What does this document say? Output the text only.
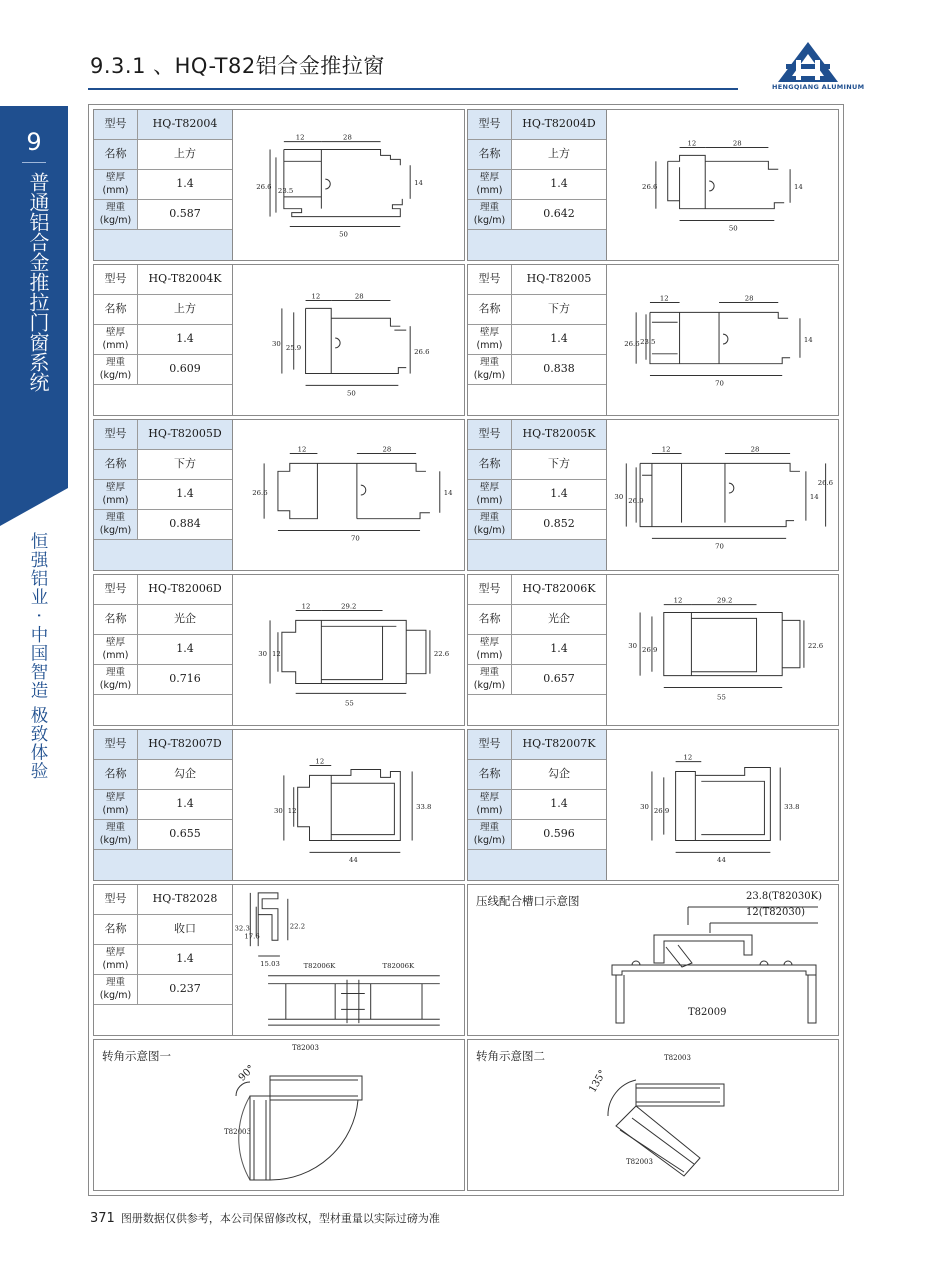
9.3.1 、HQ-T82铝合金推拉窗
HENGQIANG ALUMINUM
9
普通铝合金推拉门窗系统
恒强铝业 · 中国智造 极致体验
型号	HQ-T82004
名称	上方
壁厚
(mm)
1.4
理重
(kg/m)
0.587
12	28
26.6 23.5
14
50
型号	HQ-T82004D
名称	上方
壁厚
(mm)
1.4
理重
(kg/m)
0.642
12	28
26.6	14
50
型号	HQ-T82004K
名称	上方
壁厚
(mm)
1.4
理重
(kg/m)
0.609
12	28
30 25.9	26.6
50
型号	HQ-T82005
名称	下方
壁厚
(mm)
1.4
理重
(kg/m)
0.838
12	28
26.6 23.5	14
70
型号	HQ-T82005D
名称	下方
壁厚
(mm)
1.4
理重
(kg/m)
0.884
12	28
26.6	14
70
型号	HQ-T82005K
名称	下方
壁厚
(mm)
1.4
理重
(kg/m)
0.852
12	28
30 26.9	14
26.6
70
型号	HQ-T82006D
名称	光企
壁厚
(mm)
1.4
理重
(kg/m)
0.716
12	29.2
30 12	22.6
55
型号	HQ-T82006K
名称	光企
壁厚
(mm)
1.4
理重
(kg/m)
0.657
12	29.2
30 26.9	22.6
55
型号	HQ-T82007D
名称	勾企
壁厚
(mm)
1.4
理重
(kg/m)
0.655
12
30 12	33.8
44
型号	HQ-T82007K
名称	勾企
壁厚
(mm)
1.4
理重
(kg/m)
0.596
12
30 26.9	33.8
44
型号	HQ-T82028
名称	收口
壁厚
(mm)
1.4
理重
(kg/m)
0.237
32.3
17.6
22.2
15.03	T82006K	T82006K
压线配合槽口示意图	23.8(T82030K)
12(T82030)
T82009
转角示意图一
90°
T82003
T82003
转角示意图二
135°
T82003
T82003
371 图册数据仅供参考，本公司保留修改权，型材重量以实际过磅为准
